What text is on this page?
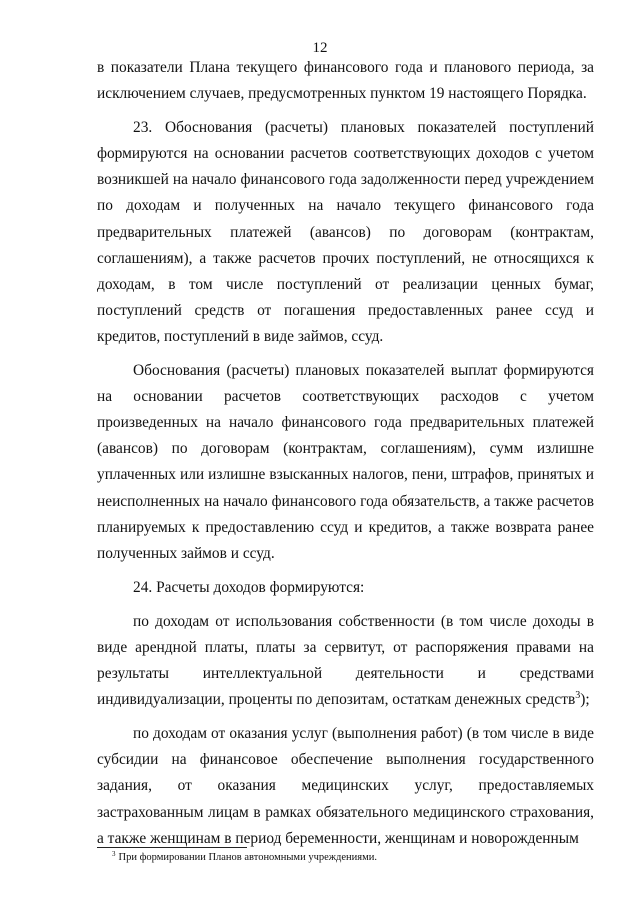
12

в показатели Плана текущего финансового года и планового периода, за исключением случаев, предусмотренных пунктом 19 настоящего Порядка.

23. Обоснования (расчеты) плановых показателей поступлений формируются на основании расчетов соответствующих доходов с учетом возникшей на начало финансового года задолженности перед учреждением по доходам и полученных на начало текущего финансового года предварительных платежей (авансов) по договорам (контрактам, соглашениям), а также расчетов прочих поступлений, не относящихся к доходам, в том числе поступлений от реализации ценных бумаг, поступлений средств от погашения предоставленных ранее ссуд и кредитов, поступлений в виде займов, ссуд.

Обоснования (расчеты) плановых показателей выплат формируются на основании расчетов соответствующих расходов с учетом произведенных на начало финансового года предварительных платежей (авансов) по договорам (контрактам, соглашениям), сумм излишне уплаченных или излишне взысканных налогов, пени, штрафов, принятых и неисполненных на начало финансового года обязательств, а также расчетов планируемых к предоставлению ссуд и кредитов, а также возврата ранее полученных займов и ссуд.

24. Расчеты доходов формируются:

по доходам от использования собственности (в том числе доходы в виде арендной платы, платы за сервитут, от распоряжения правами на результаты интеллектуальной деятельности и средствами индивидуализации, проценты по депозитам, остаткам денежных средств$^3$);

по доходам от оказания услуг (выполнения работ) (в том числе в виде субсидии на финансовое обеспечение выполнения государственного задания, от оказания медицинских услуг, предоставляемых застрахованным лицам в рамках обязательного медицинского страхования, а также женщинам в период беременности, женщинам и новорожденным

$^3$ При формировании Планов автономными учреждениями.
